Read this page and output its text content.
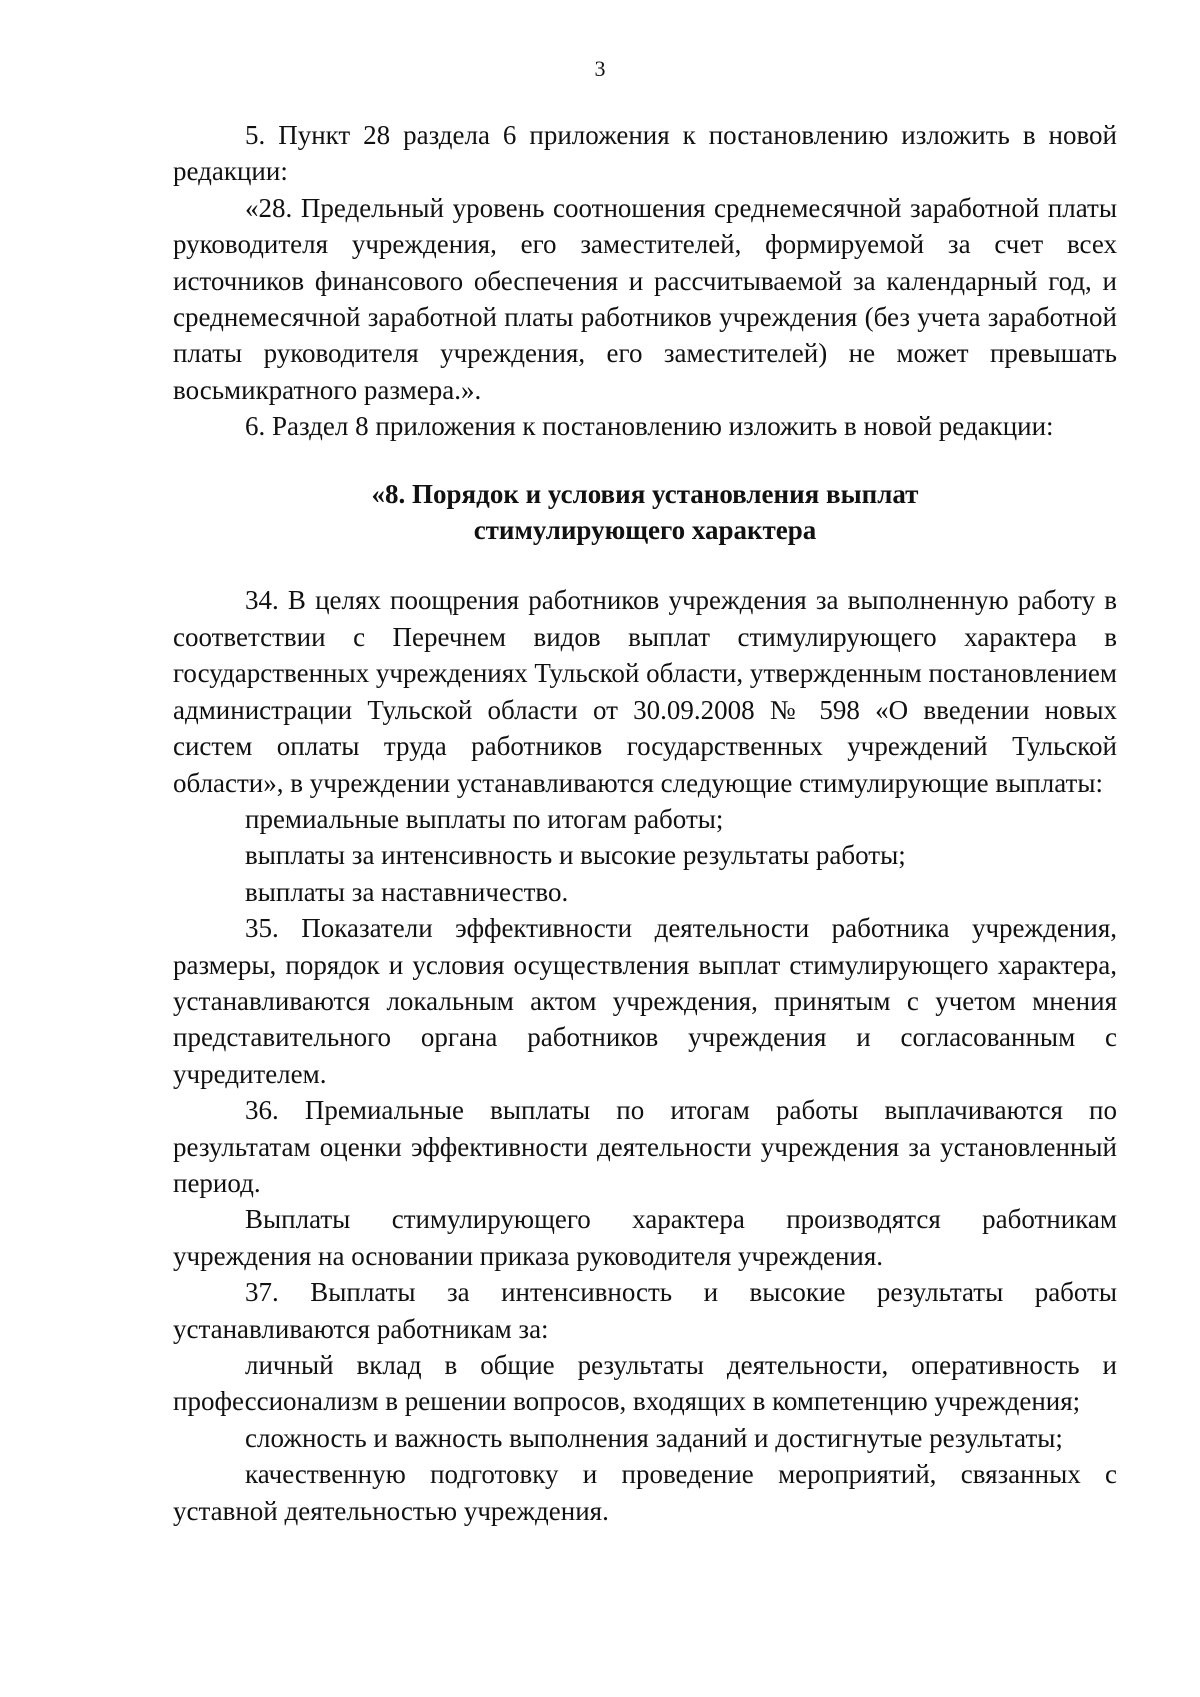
3

5. Пункт 28 раздела 6 приложения к постановлению изложить в новой редакции:

«28. Предельный уровень соотношения среднемесячной заработной платы руководителя учреждения, его заместителей, формируемой за счет всех источников финансового обеспечения и рассчитываемой за календарный год, и среднемесячной заработной платы работников учреждения (без учета заработной платы руководителя учреждения, его заместителей) не может превышать восьмикратного размера.».

6. Раздел 8 приложения к постановлению изложить в новой редакции:

«8. Порядок и условия установления выплат
стимулирующего характера

34. В целях поощрения работников учреждения за выполненную работу в соответствии с Перечнем видов выплат стимулирующего характера в государственных учреждениях Тульской области, утвержденным постановлением администрации Тульской области от 30.09.2008 № 598 «О введении новых систем оплаты труда работников государственных учреждений Тульской области», в учреждении устанавливаются следующие стимулирующие выплаты:

премиальные выплаты по итогам работы;

выплаты за интенсивность и высокие результаты работы;

выплаты за наставничество.

35. Показатели эффективности деятельности работника учреждения, размеры, порядок и условия осуществления выплат стимулирующего характера, устанавливаются локальным актом учреждения, принятым с учетом мнения представительного органа работников учреждения и согласованным с учредителем.

36. Премиальные выплаты по итогам работы выплачиваются по результатам оценки эффективности деятельности учреждения за установленный период.

Выплаты стимулирующего характера производятся работникам учреждения на основании приказа руководителя учреждения.

37. Выплаты за интенсивность и высокие результаты работы устанавливаются работникам за:

личный вклад в общие результаты деятельности, оперативность и профессионализм в решении вопросов, входящих в компетенцию учреждения;

сложность и важность выполнения заданий и достигнутые результаты;

качественную подготовку и проведение мероприятий, связанных с уставной деятельностью учреждения.
